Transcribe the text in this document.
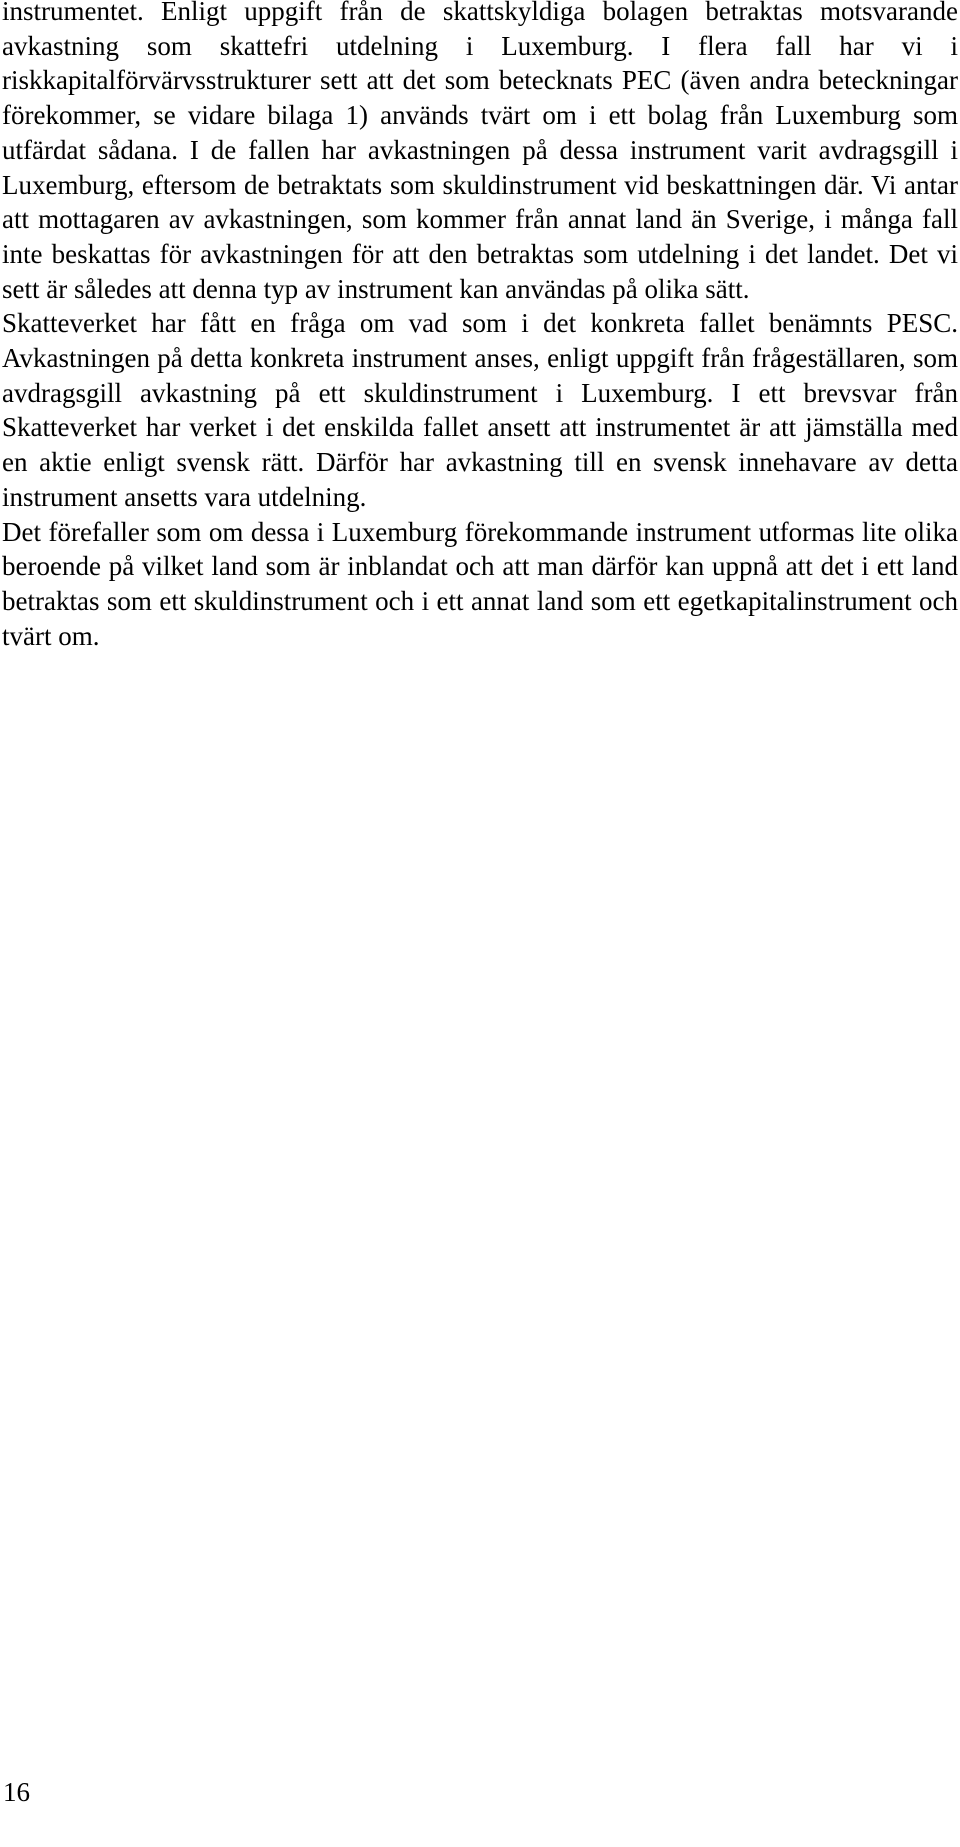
instrumentet. Enligt uppgift från de skattskyldiga bolagen betraktas motsvarande avkastning som skattefri utdelning i Luxemburg. I flera fall har vi i riskkapitalförvärvsstrukturer sett att det som betecknats PEC (även andra beteckningar förekommer, se vidare bilaga 1) används tvärt om i ett bolag från Luxemburg som utfärdat sådana. I de fallen har avkastningen på dessa instrument varit avdragsgill i Luxemburg, eftersom de betraktats som skuldinstrument vid beskattningen där. Vi antar att mottagaren av avkastningen, som kommer från annat land än Sverige, i många fall inte beskattas för avkastningen för att den betraktas som utdelning i det landet. Det vi sett är således att denna typ av instrument kan användas på olika sätt.

Skatteverket har fått en fråga om vad som i det konkreta fallet benämnts PESC. Avkastningen på detta konkreta instrument anses, enligt uppgift från frågeställaren, som avdragsgill avkastning på ett skuldinstrument i Luxemburg. I ett brevsvar från Skatteverket har verket i det enskilda fallet ansett att instrumentet är att jämställa med en aktie enligt svensk rätt. Därför har avkastning till en svensk innehavare av detta instrument ansetts vara utdelning.

Det förefaller som om dessa i Luxemburg förekommande instrument utformas lite olika beroende på vilket land som är inblandat och att man därför kan uppnå att det i ett land betraktas som ett skuldinstrument och i ett annat land som ett egetkapitalinstrument och tvärt om.

16
